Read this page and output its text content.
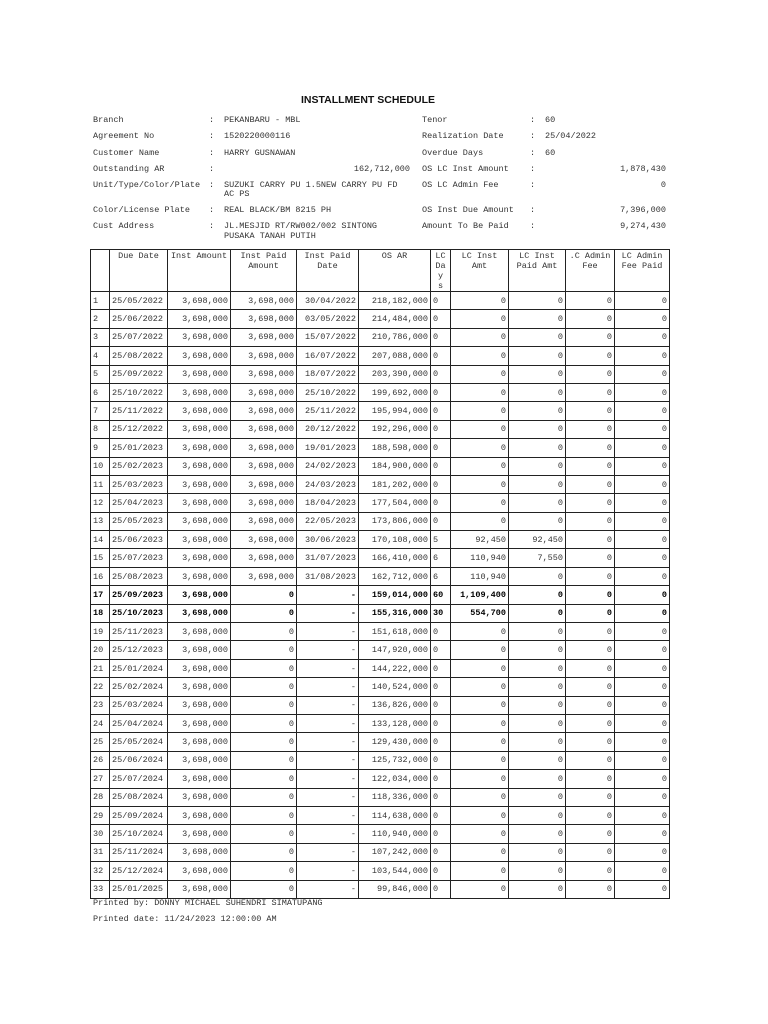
INSTALLMENT SCHEDULE
Branch	: PEKANBARU - MBL
Agreement No	: 1520220000116
Customer Name	: HARRY GUSNAWAN
Outstanding AR	:	162,712,000
Unit/Type/Color/Plate : SUZUKI CARRY PU 1.5NEW CARRY PU FD
AC PS
Color/License Plate : REAL BLACK/BM 8215 PH
Cust Address	: JL.MESJID RT/RW002/002 SINTONG
PUSAKA TANAH PUTIH
Tenor	: 60
Realization Date	: 25/04/2022
Overdue Days	: 60
OS LC Inst Amount	:	1,878,430
OS LC Admin Fee	:	0
OS Inst Due Amount :	7,396,000
Amount To Be Paid	:	9,274,430
	Due Date	Inst Amount	Inst Paid Amount	Inst Paid Date	OS AR	LC Day s	LC Inst Amt	LC Inst Paid Amt	.C Admin Fee	LC Admin Fee Paid
1	25/05/2022	3,698,000	3,698,000	30/04/2022	218,182,000	0	0	0	0	0
2	25/06/2022	3,698,000	3,698,000	03/05/2022	214,484,000	0	0	0	0	0
3	25/07/2022	3,698,000	3,698,000	15/07/2022	210,786,000	0	0	0	0	0
4	25/08/2022	3,698,000	3,698,000	16/07/2022	207,088,000	0	0	0	0	0
5	25/09/2022	3,698,000	3,698,000	18/07/2022	203,390,000	0	0	0	0	0
6	25/10/2022	3,698,000	3,698,000	25/10/2022	199,692,000	0	0	0	0	0
7	25/11/2022	3,698,000	3,698,000	25/11/2022	195,994,000	0	0	0	0	0
8	25/12/2022	3,698,000	3,698,000	20/12/2022	192,296,000	0	0	0	0	0
9	25/01/2023	3,698,000	3,698,000	19/01/2023	188,598,000	0	0	0	0	0
10	25/02/2023	3,698,000	3,698,000	24/02/2023	184,900,000	0	0	0	0	0
11	25/03/2023	3,698,000	3,698,000	24/03/2023	181,202,000	0	0	0	0	0
12	25/04/2023	3,698,000	3,698,000	18/04/2023	177,504,000	0	0	0	0	0
13	25/05/2023	3,698,000	3,698,000	22/05/2023	173,806,000	0	0	0	0	0
14	25/06/2023	3,698,000	3,698,000	30/06/2023	170,108,000	5	92,450	92,450	0	0
15	25/07/2023	3,698,000	3,698,000	31/07/2023	166,410,000	6	110,940	7,550	0	0
16	25/08/2023	3,698,000	3,698,000	31/08/2023	162,712,000	6	110,940	0	0	0
17	25/09/2023	3,698,000	0	-	159,014,000	60	1,109,400	0	0	0
18	25/10/2023	3,698,000	0	-	155,316,000	30	554,700	0	0	0
19	25/11/2023	3,698,000	0	-	151,618,000	0	0	0	0	0
20	25/12/2023	3,698,000	0	-	147,920,000	0	0	0	0	0
21	25/01/2024	3,698,000	0	-	144,222,000	0	0	0	0	0
22	25/02/2024	3,698,000	0	-	140,524,000	0	0	0	0	0
23	25/03/2024	3,698,000	0	-	136,826,000	0	0	0	0	0
24	25/04/2024	3,698,000	0	-	133,128,000	0	0	0	0	0
25	25/05/2024	3,698,000	0	-	129,430,000	0	0	0	0	0
26	25/06/2024	3,698,000	0	-	125,732,000	0	0	0	0	0
27	25/07/2024	3,698,000	0	-	122,034,000	0	0	0	0	0
28	25/08/2024	3,698,000	0	-	118,336,000	0	0	0	0	0
29	25/09/2024	3,698,000	0	-	114,638,000	0	0	0	0	0
30	25/10/2024	3,698,000	0	-	110,940,000	0	0	0	0	0
31	25/11/2024	3,698,000	0	-	107,242,000	0	0	0	0	0
32	25/12/2024	3,698,000	0	-	103,544,000	0	0	0	0	0
33	25/01/2025	3,698,000	0	-	99,846,000	0	0	0	0	0
Printed by: DONNY MICHAEL SUHENDRI SIMATUPANG
Printed date: 11/24/2023 12:00:00 AM
